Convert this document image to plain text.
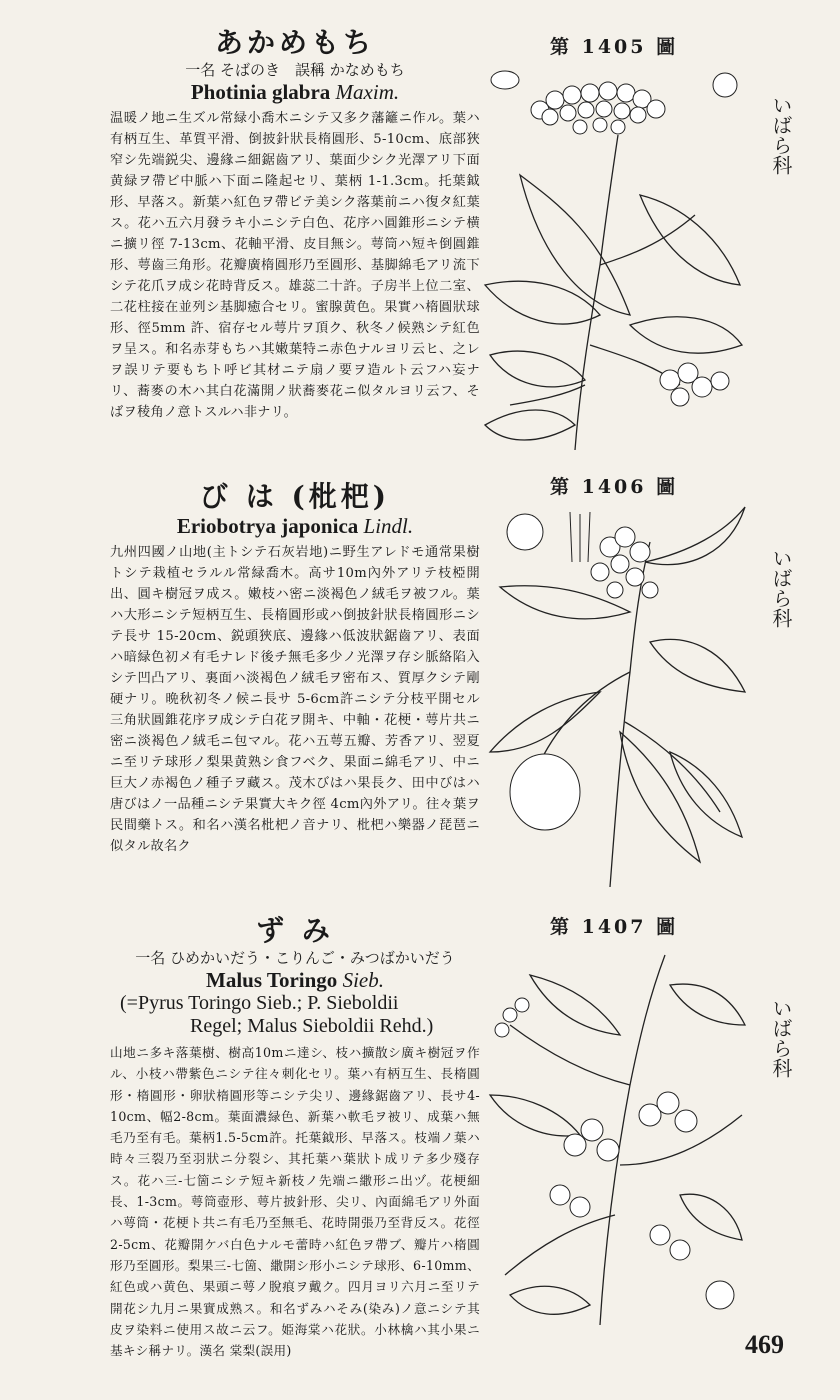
あかめもち
一名 そばのき　誤稱 かなめもち
Photinia glabra Maxim.
温暖ノ地ニ生ズル常緑小喬木ニシテ又多ク藩籬ニ作ル。葉ハ有柄互生、革質平滑、倒披針狀長楕圓形、5-10cm、底部狹窄シ先端鋭尖、邊緣ニ細鋸齒アリ、葉面少シク光澤アリ下面黄緑ヲ帶ビ中脈ハ下面ニ隆起セリ、葉柄 1-1.3cm。托葉鉞形、早落ス。新葉ハ紅色ヲ帶ビテ美シク落葉前ニハ復タ紅葉ス。花ハ五六月發ラキ小ニシテ白色、花序ハ圓錐形ニシテ横ニ擴リ徑 7-13cm、花軸平滑、皮目無シ。萼筒ハ短キ倒圓錐形、萼齒三角形。花瓣廣楕圓形乃至圓形、基脚綿毛アリ流下シテ花爪ヲ成シ花時背反ス。雄蕊二十許。子房半上位二室、二花柱接在並列シ基脚癒合セリ。蜜腺黄色。果實ハ楕圓狀球形、徑5mm 許、宿存セル萼片ヲ頂ク、秋冬ノ候熟シテ紅色ヲ呈ス。和名赤芽もちハ其嫩葉特ニ赤色ナルヨリ云ヒ、之レヲ誤リテ要もちト呼ビ其材ニテ扇ノ要ヲ造ルト云フハ妄ナリ、蕎麥の木ハ其白花滿開ノ狀蕎麥花ニ似タルヨリ云フ、そばヲ稜角ノ意トスルハ非ナリ。
第 1405 圖
いばら科
び は (枇杷)
Eriobotrya japonica Lindl.
九州四國ノ山地(主トシテ石灰岩地)ニ野生アレドモ通常果樹トシテ栽植セラルル常緑喬木。高サ10m內外アリテ枝椏開出、圓キ樹冠ヲ成ス。嫩枝ハ密ニ淡褐色ノ絨毛ヲ被フル。葉ハ大形ニシテ短柄互生、長楕圓形或ハ倒披針狀長楕圓形ニシテ長サ 15-20cm、鋭頭狹底、邊緣ハ低波狀鋸齒アリ、表面ハ暗緑色初メ有毛ナレド後チ無毛多少ノ光澤ヲ存シ脈絡陷入シテ凹凸アリ、裏面ハ淡褐色ノ絨毛ヲ密布ス、質厚クシテ剛硬ナリ。晩秋初冬ノ候ニ長サ 5-6cm許ニシテ分枝平開セル三角狀圓錐花序ヲ成シテ白花ヲ開キ、中軸・花梗・萼片共ニ密ニ淡褐色ノ絨毛ニ包マル。花ハ五萼五瓣、芳香アリ、翌夏ニ至リテ球形ノ梨果黄熟シ食フベク、果面ニ綿毛アリ、中ニ巨大ノ赤褐色ノ種子ヲ藏ス。茂木びはハ果長ク、田中びはハ唐びはノ一品種ニシテ果實大キク徑 4cm內外アリ。往々葉ヲ民間藥トス。和名ハ漢名枇杷ノ音ナリ、枇杷ハ樂器ノ琵琶ニ似タル故名ク
第 1406 圖
いばら科
ず み
一名 ひめかいだう・こりんご・みつばかいだう
Malus Toringo Sieb.
(=Pyrus Toringo Sieb.; P. Sieboldii
Regel; Malus Sieboldii Rehd.)
山地ニ多キ落葉樹、樹高10mニ達シ、枝ハ擴散シ廣キ樹冠ヲ作ル、小枝ハ帶紫色ニシテ往々刺化セリ。葉ハ有柄互生、長楕圓形・楕圓形・卵狀楕圓形等ニシテ尖リ、邊緣鋸齒アリ、長サ4-10cm、幅2-8cm。葉面濃緑色、新葉ハ軟毛ヲ被リ、成葉ハ無毛乃至有毛。葉柄1.5-5cm許。托葉鉞形、早落ス。枝端ノ葉ハ時々三裂乃至羽狀ニ分裂シ、其托葉ハ葉狀ト成リテ多少殘存ス。花ハ三-七箇ニシテ短キ新枝ノ先端ニ繖形ニ出ヅ。花梗細長、1-3cm。萼筒壺形、萼片披針形、尖リ、內面綿毛アリ外面ハ萼筒・花梗ト共ニ有毛乃至無毛、花時開張乃至背反ス。花徑 2-5cm、花瓣開ケバ白色ナルモ蕾時ハ紅色ヲ帶ブ、瓣片ハ楕圓形乃至圓形。梨果三-七箇、繖開シ形小ニシテ球形、6-10mm、紅色或ハ黄色、果頭ニ萼ノ脫痕ヲ戴ク。四月ヨリ六月ニ至リテ開花シ九月ニ果實成熟ス。和名ずみハそみ(染み)ノ意ニシテ其皮ヲ染料ニ使用ス故ニ云フ。姫海棠ハ花狀。小林檎ハ其小果ニ基キシ稱ナリ。漢名 棠梨(誤用)
第 1407 圖
いばら科
469
